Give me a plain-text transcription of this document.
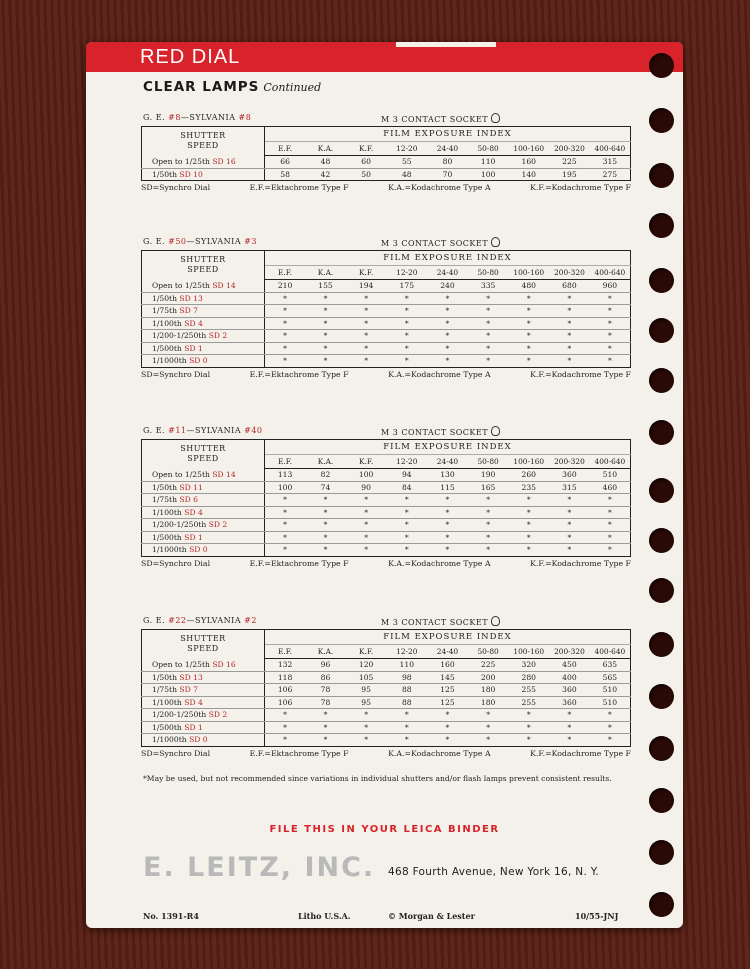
RED DIAL
CLEAR LAMPS Continued
G. E. #8—SYLVANIA #8	M 3 CONTACT SOCKET
SHUTTER
SPEED	FILM EXPOSURE INDEX								
	E.F.	K.A.	K.F.	12-20	24-40	50-80	100-160	200-320	400-640
Open to 1/25th SD 16	66	48	60	55	80	110	160	225	315
1/50th SD 10	58	42	50	48	70	100	140	195	275
SD=Synchro Dial	E.F.=Ektachrome Type F	K.A.=Kodachrome Type A	K.F.=Kodachrome Type F
G. E. #50—SYLVANIA #3	M 3 CONTACT SOCKET
SHUTTER
SPEED	FILM EXPOSURE INDEX								
	E.F.	K.A.	K.F.	12-20	24-40	50-80	100-160	200-320	400-640
Open to 1/25th SD 14	210	155	194	175	240	335	480	680	960
1/50th SD 13	*	*	*	*	*	*	*	*	*
1/75th SD 7	*	*	*	*	*	*	*	*	*
1/100th SD 4	*	*	*	*	*	*	*	*	*
1/200-1/250th SD 2	*	*	*	*	*	*	*	*	*
1/500th SD 1	*	*	*	*	*	*	*	*	*
1/1000th SD 0	*	*	*	*	*	*	*	*	*
SD=Synchro Dial	E.F.=Ektachrome Type F	K.A.=Kodachrome Type A	K.F.=Kodachrome Type F
G. E. #11—SYLVANIA #40	M 3 CONTACT SOCKET
SHUTTER
SPEED	FILM EXPOSURE INDEX								
	E.F.	K.A.	K.F.	12-20	24-40	50-80	100-160	200-320	400-640
Open to 1/25th SD 14	113	82	100	94	130	190	260	360	510
1/50th SD 11	100	74	90	84	115	165	235	315	460
1/75th SD 6	*	*	*	*	*	*	*	*	*
1/100th SD 4	*	*	*	*	*	*	*	*	*
1/200-1/250th SD 2	*	*	*	*	*	*	*	*	*
1/500th SD 1	*	*	*	*	*	*	*	*	*
1/1000th SD 0	*	*	*	*	*	*	*	*	*
SD=Synchro Dial	E.F.=Ektachrome Type F	K.A.=Kodachrome Type A	K.F.=Kodachrome Type F
G. E. #22—SYLVANIA #2	M 3 CONTACT SOCKET
SHUTTER
SPEED	FILM EXPOSURE INDEX								
	E.F.	K.A.	K.F.	12-20	24-40	50-80	100-160	200-320	400-640
Open to 1/25th SD 16	132	96	120	110	160	225	320	450	635
1/50th SD 13	118	86	105	98	145	200	280	400	565
1/75th SD 7	106	78	95	88	125	180	255	360	510
1/100th SD 4	106	78	95	88	125	180	255	360	510
1/200-1/250th SD 2	*	*	*	*	*	*	*	*	*
1/500th SD 1	*	*	*	*	*	*	*	*	*
1/1000th SD 0	*	*	*	*	*	*	*	*	*
SD=Synchro Dial	E.F.=Ektachrome Type F	K.A.=Kodachrome Type A	K.F.=Kodachrome Type F
*May be used, but not recommended since variations in individual shutters and/or flash lamps prevent consistent results.
FILE THIS IN YOUR LEICA BINDER
E. LEITZ, INC. 468 Fourth Avenue, New York 16, N. Y.
No. 1391-R4	Litho U.S.A.	© Morgan & Lester	10/55-JNJ
